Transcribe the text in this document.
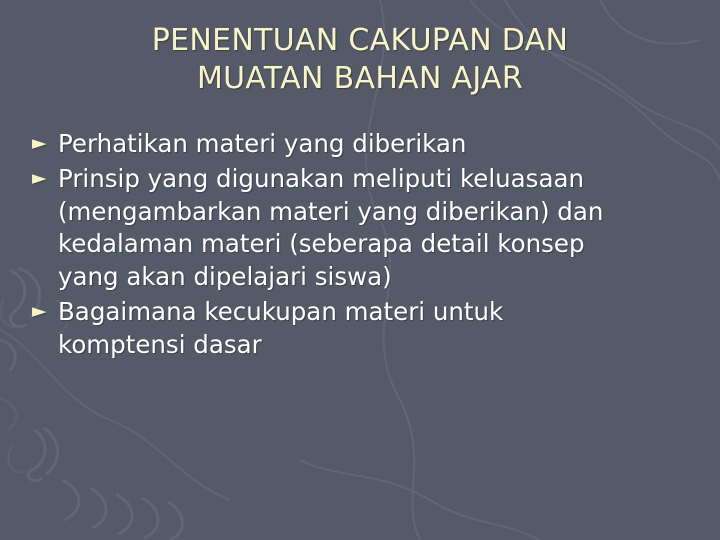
PENENTUAN CAKUPAN DAN
MUATAN BAHAN AJAR
► Perhatikan materi yang diberikan
► Prinsip yang digunakan meliputi keluasaan
(mengambarkan materi yang diberikan) dan
kedalaman materi (seberapa detail konsep
yang akan dipelajari siswa)
► Bagaimana kecukupan materi untuk
komptensi dasar
